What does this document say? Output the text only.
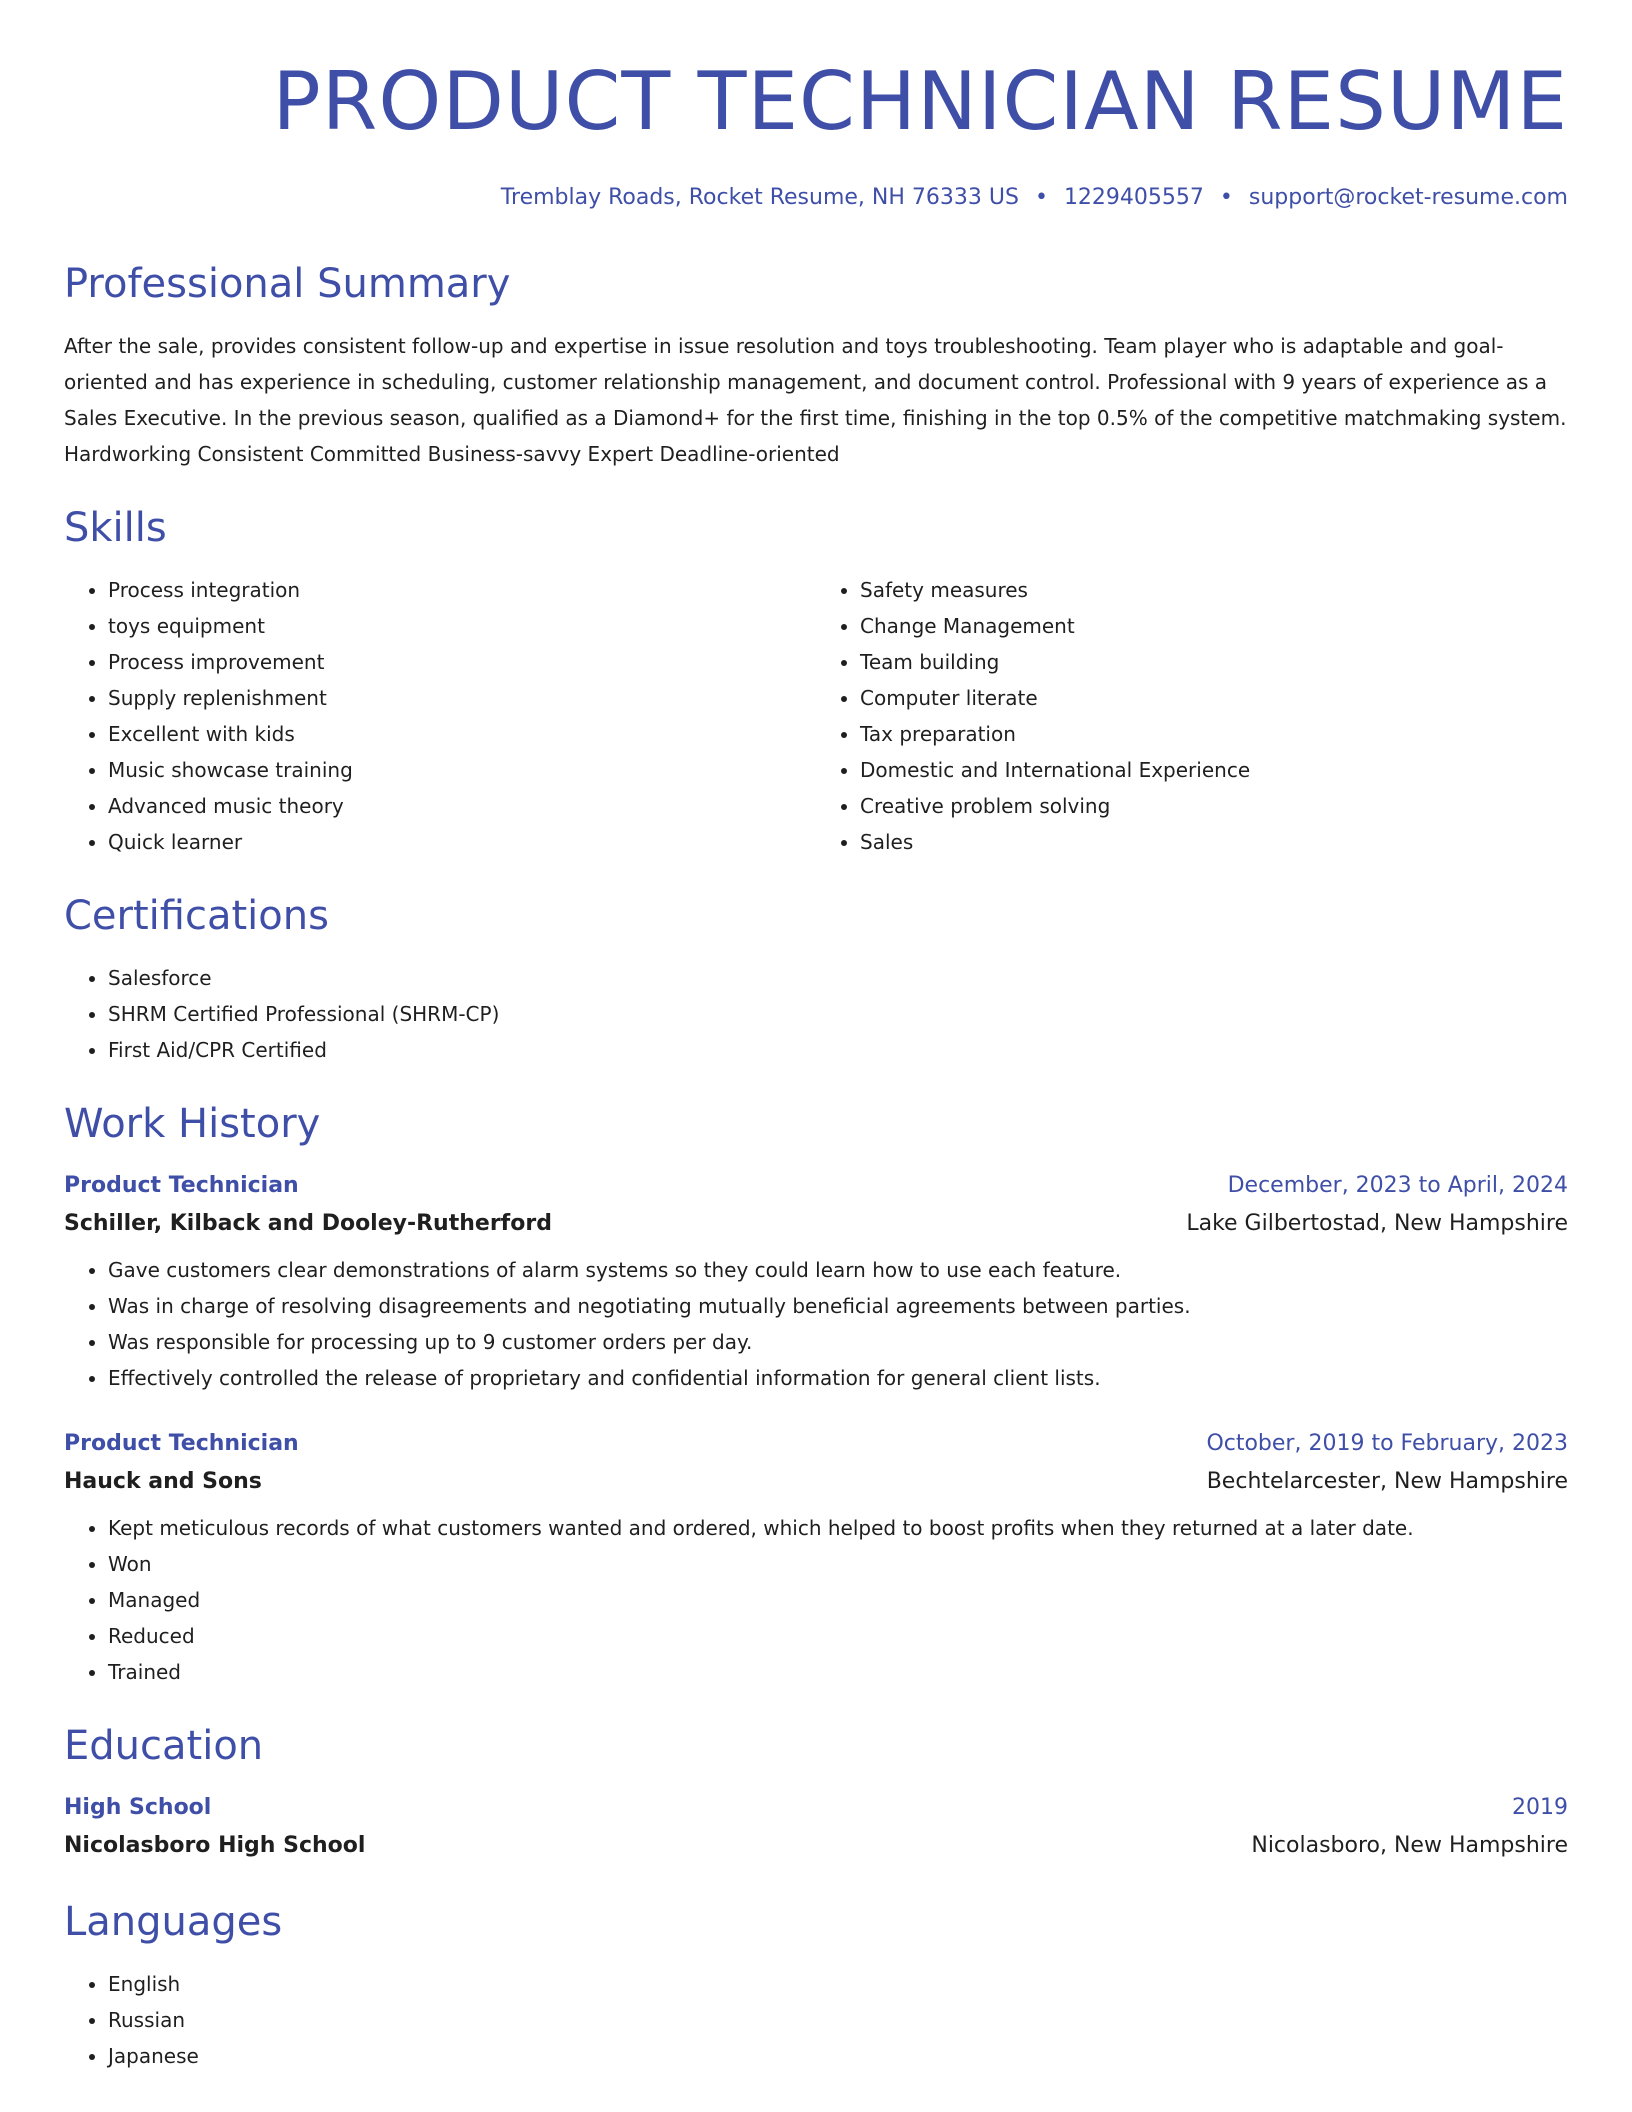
PRODUCT TECHNICIAN RESUME
Tremblay Roads, Rocket Resume, NH 76333 US • 1229405557 • support@rocket-resume.com
Professional Summary

After the sale, provides consistent follow-up and expertise in issue resolution and toys troubleshooting. Team player who is adaptable and goal-oriented and has experience in scheduling, customer relationship management, and document control. Professional with 9 years of experience as a Sales Executive. In the previous season, qualified as a Diamond+ for the first time, finishing in the top 0.5% of the competitive matchmaking system. Hardworking Consistent Committed Business-savvy Expert Deadline-oriented

Skills
• Process integration
• toys equipment
• Process improvement
• Supply replenishment
• Excellent with kids
• Music showcase training
• Advanced music theory
• Quick learner
• Safety measures
• Change Management
• Team building
• Computer literate
• Tax preparation
• Domestic and International Experience
• Creative problem solving
• Sales
Certifications
• Salesforce
• SHRM Certified Professional (SHRM-CP)
• First Aid/CPR Certified
Work History
Product Technician	December, 2023 to April, 2024
Schiller, Kilback and Dooley-Rutherford	Lake Gilbertostad, New Hampshire
• Gave customers clear demonstrations of alarm systems so they could learn how to use each feature.
• Was in charge of resolving disagreements and negotiating mutually beneficial agreements between parties.
• Was responsible for processing up to 9 customer orders per day.
• Effectively controlled the release of proprietary and confidential information for general client lists.
Product Technician	October, 2019 to February, 2023
Hauck and Sons	Bechtelarcester, New Hampshire
• Kept meticulous records of what customers wanted and ordered, which helped to boost profits when they returned at a later date.
• Won
• Managed
• Reduced
• Trained
Education
High School	2019
Nicolasboro High School	Nicolasboro, New Hampshire
Languages
• English
• Russian
• Japanese
